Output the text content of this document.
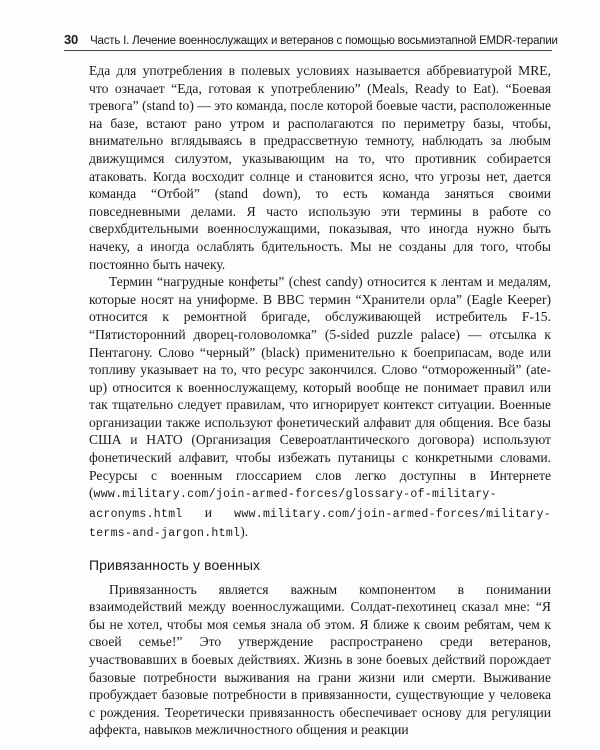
30 Часть I. Лечение военнослужащих и ветеранов с помощью восьмиэтапной EMDR-терапии

Еда для употребления в полевых условиях называется аббревиатурой MRE, что означает “Еда, готовая к употреблению” (Meals, Ready to Eat). “Боевая тревога” (stand to) — это команда, после которой боевые части, расположенные на базе, встают рано утром и располагаются по периметру базы, чтобы, внимательно вглядываясь в предрассветную темноту, наблюдать за любым движущимся силуэтом, указывающим на то, что противник собирается атаковать. Когда восходит солнце и становится ясно, что угрозы нет, дается команда “Отбой” (stand down), то есть команда заняться своими повседневными делами. Я часто использую эти термины в работе со сверхбдительными военнослужащими, показывая, что иногда нужно быть начеку, а иногда ослаблять бдительность. Мы не созданы для того, чтобы постоянно быть начеку.

Термин “нагрудные конфеты” (chest candy) относится к лентам и медалям, которые носят на униформе. В ВВС термин “Хранители орла” (Eagle Keeper) относится к ремонтной бригаде, обслуживающей истребитель F-15. “Пятисторонний дворец-головоломка” (5-sided puzzle palace) — отсылка к Пентагону. Слово “черный” (black) применительно к боеприпасам, воде или топливу указывает на то, что ресурс закончился. Слово “отмороженный” (ate-up) относится к военнослужащему, который вообще не понимает правил или так тщательно следует правилам, что игнорирует контекст ситуации. Военные организации также используют фонетический алфавит для общения. Все базы США и НАТО (Организация Североатлантического договора) используют фонетический алфавит, чтобы избежать путаницы с конкретными словами. Ресурсы с военным глоссарием слов легко доступны в Интернете (www.military.com/join-armed-forces/glossary-of-military-acronyms.html и www.military.com/join-armed-forces/military-terms-and-jargon.html).

Привязанность у военных

Привязанность является важным компонентом в понимании взаимодействий между военнослужащими. Солдат-пехотинец сказал мне: “Я бы не хотел, чтобы моя семья знала об этом. Я ближе к своим ребятам, чем к своей семье!” Это утверждение распространено среди ветеранов, участвовавших в боевых действиях. Жизнь в зоне боевых действий порождает базовые потребности выживания на грани жизни или смерти. Выживание пробуждает базовые потребности в привязанности, существующие у человека с рождения. Теоретически привязанность обеспечивает основу для регуляции аффекта, навыков межличностного общения и реакции
